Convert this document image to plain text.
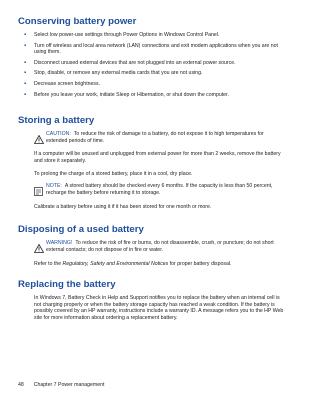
Conserving battery power
▪ Select low power-use settings through Power Options in Windows Control Panel.
▪ Turn off wireless and local area network (LAN) connections and exit modem applications when you are not using them.
▪ Disconnect unused external devices that are not plugged into an external power source.
▪ Stop, disable, or remove any external media cards that you are not using.
▪ Decrease screen brightness.
▪ Before you leave your work, initiate Sleep or Hibernation, or shut down the computer.
Storing a battery
CAUTION: To reduce the risk of damage to a battery, do not expose it to high temperatures for extended periods of time.

If a computer will be unused and unplugged from external power for more than 2 weeks, remove the battery and store it separately.

To prolong the charge of a stored battery, place it in a cool, dry place.

NOTE: A stored battery should be checked every 6 months. If the capacity is less than 50 percent, recharge the battery before returning it to storage.

Calibrate a battery before using it if it has been stored for one month or more.

Disposing of a used battery
WARNING! To reduce the risk of fire or burns, do not disassemble, crush, or puncture; do not short external contacts; do not dispose of in fire or water.

Refer to the Regulatory, Safety and Environmental Notices for proper battery disposal.

Replacing the battery

In Windows 7, Battery Check in Help and Support notifies you to replace the battery when an internal cell is not charging properly or when the battery storage capacity has reached a weak condition. If the battery is possibly covered by an HP warranty, instructions include a warranty ID. A message refers you to the HP Web site for more information about ordering a replacement battery.

48 Chapter 7 Power management
